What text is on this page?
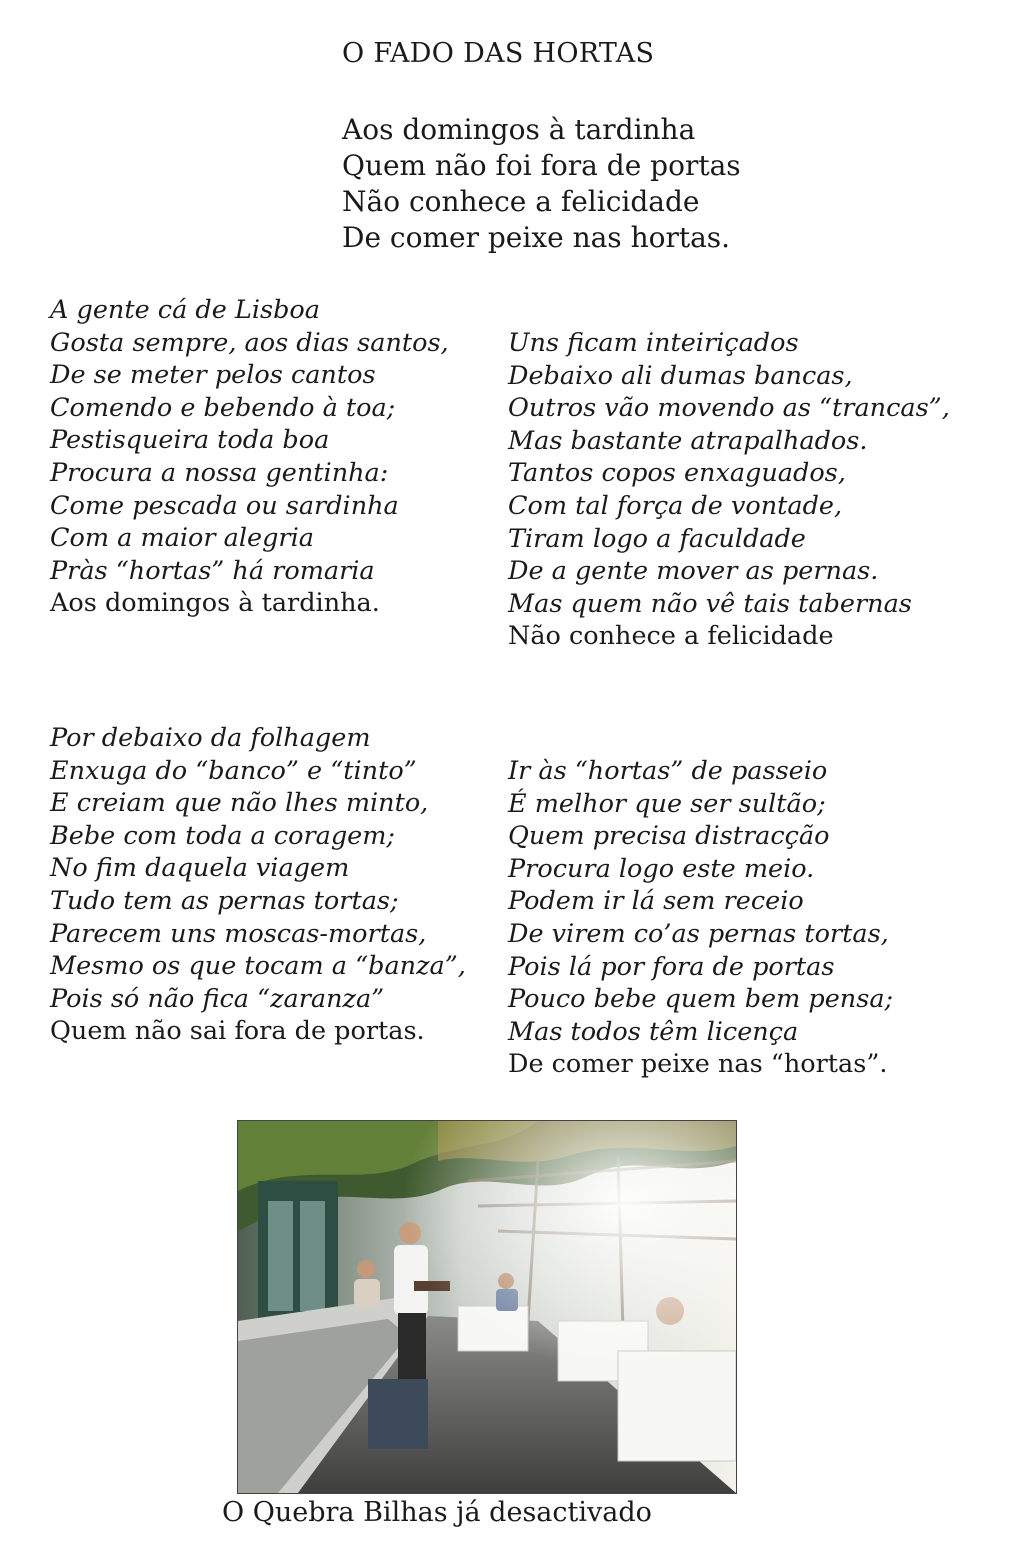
O FADO DAS HORTAS
Aos domingos à tardinha
Quem não foi fora de portas
Não conhece a felicidade
De comer peixe nas hortas.
A gente cá de Lisboa
Gosta sempre, aos dias santos,
De se meter pelos cantos
Comendo e bebendo à toa;
Pestisqueira toda boa
Procura a nossa gentinha:
Come pescada ou sardinha
Com a maior alegria
Pràs “hortas” há romaria
Aos domingos à tardinha.
Uns ficam inteiriçados
Debaixo ali dumas bancas,
Outros vão movendo as “trancas”,
Mas bastante atrapalhados.
Tantos copos enxaguados,
Com tal força de vontade,
Tiram logo a faculdade
De a gente mover as pernas.
Mas quem não vê tais tabernas
Não conhece a felicidade
Por debaixo da folhagem
Enxuga do “banco” e “tinto”
E creiam que não lhes minto,
Bebe com toda a coragem;
No fim daquela viagem
Tudo tem as pernas tortas;
Parecem uns moscas-mortas,
Mesmo os que tocam a “banza”,
Pois só não fica “zaranza”
Quem não sai fora de portas.
Ir às “hortas” de passeio
É melhor que ser sultão;
Quem precisa distracção
Procura logo este meio.
Podem ir lá sem receio
De virem co’as pernas tortas,
Pois lá por fora de portas
Pouco bebe quem bem pensa;
Mas todos têm licença
De comer peixe nas “hortas”.
O Quebra Bilhas já desactivado
